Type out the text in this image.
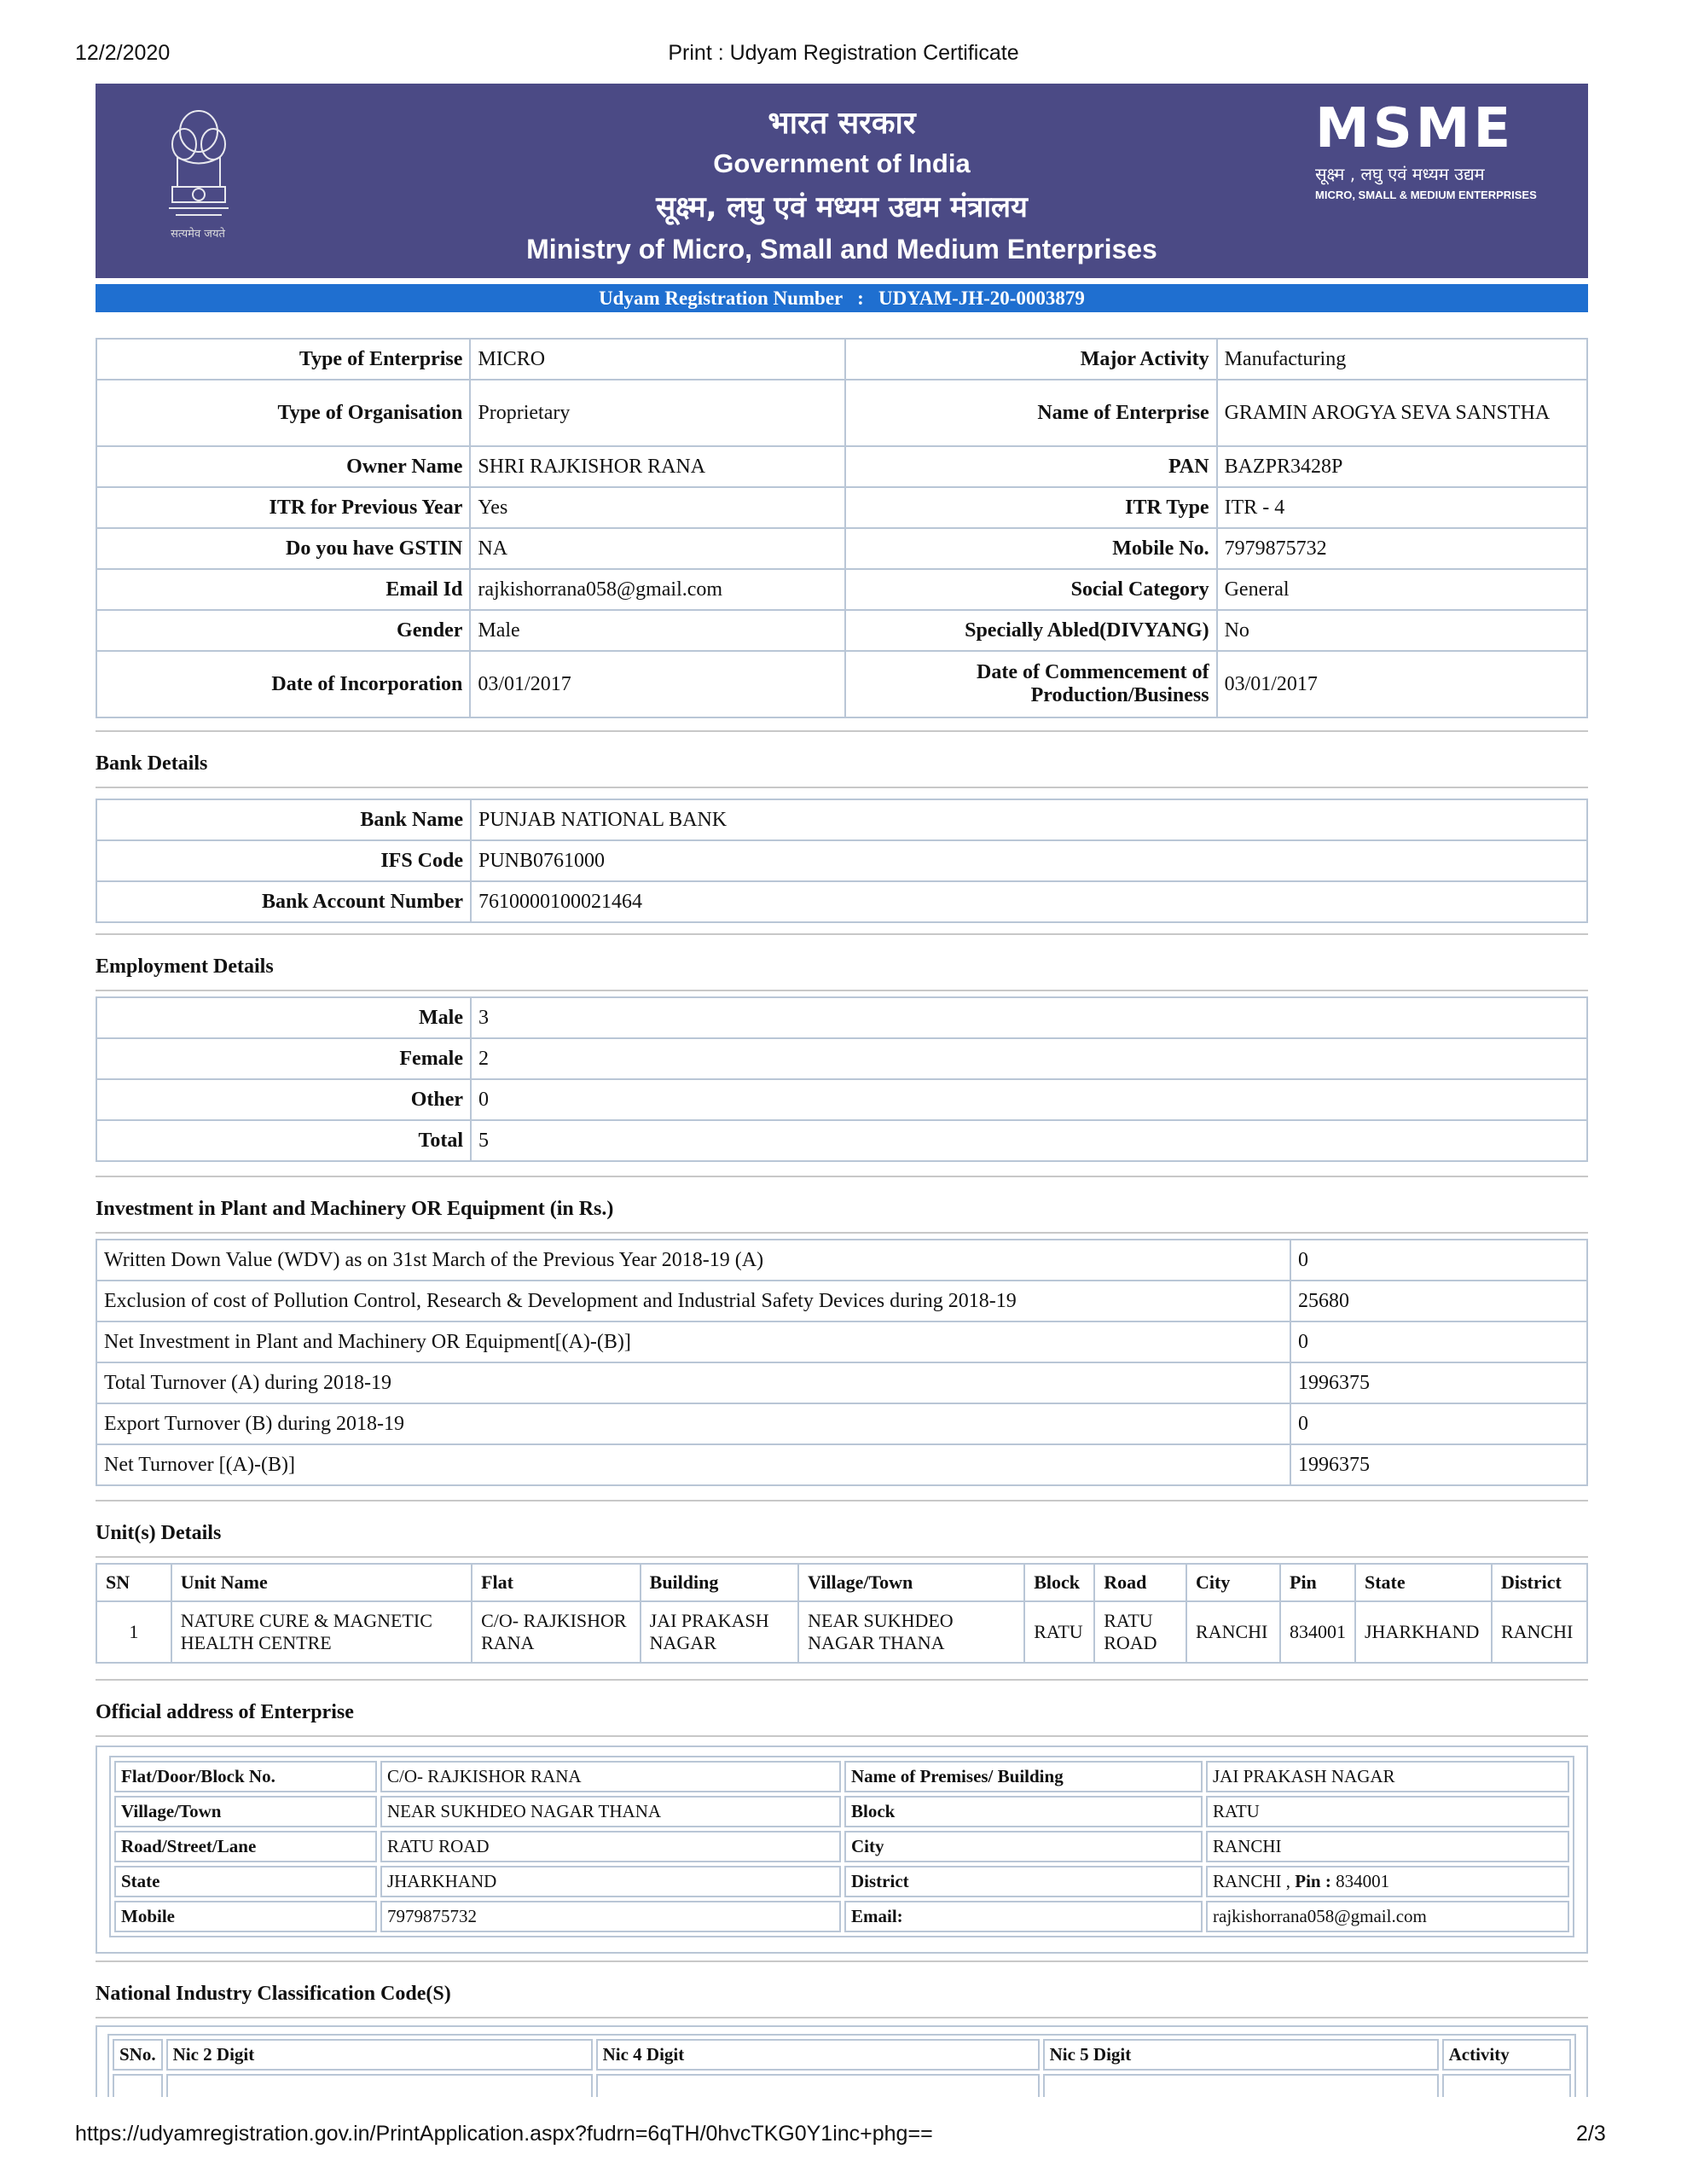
12/2/2020	Print : Udyam Registration Certificate
सत्यमेव जयते
भारत सरकार
Government of India
सूक्ष्म, लघु एवं मध्यम उद्यम मंत्रालय
Ministry of Micro, Small and Medium Enterprises
MSME
सूक्ष्म , लघु एवं मध्यम उद्यम
MICRO, SMALL & MEDIUM ENTERPRISES
Udyam Registration Number : UDYAM-JH-20-0003879
Type of Enterprise	MICRO	Major Activity	Manufacturing
Type of Organisation	Proprietary	Name of Enterprise	GRAMIN AROGYA SEVA SANSTHA
Owner Name	SHRI RAJKISHOR RANA	PAN	BAZPR3428P
ITR for Previous Year	Yes	ITR Type	ITR - 4
Do you have GSTIN	NA	Mobile No.	7979875732
Email Id	rajkishorrana058@gmail.com	Social Category	General
Gender	Male	Specially Abled(DIVYANG)	No
Date of Incorporation	03/01/2017	Date of Commencement of Production/Business	03/01/2017
Bank Details
Bank Name	PUNJAB NATIONAL BANK
IFS Code	PUNB0761000
Bank Account Number	7610000100021464
Employment Details
Male	3
Female	2
Other	0
Total	5
Investment in Plant and Machinery OR Equipment (in Rs.)
Written Down Value (WDV) as on 31st March of the Previous Year 2018-19 (A)	0
Exclusion of cost of Pollution Control, Research & Development and Industrial Safety Devices during 2018-19	25680
Net Investment in Plant and Machinery OR Equipment[(A)-(B)]	0
Total Turnover (A) during 2018-19	1996375
Export Turnover (B) during 2018-19	0
Net Turnover [(A)-(B)]	1996375
Unit(s) Details
SN	Unit Name	Flat	Building	Village/Town	Block	Road	City	Pin	State	District
1	NATURE CURE & MAGNETIC HEALTH CENTRE	C/O- RAJKISHOR RANA	JAI PRAKASH NAGAR	NEAR SUKHDEO NAGAR THANA	RATU	RATU ROAD	RANCHI	834001	JHARKHAND	RANCHI
Official address of Enterprise
Flat/Door/Block No.	C/O- RAJKISHOR RANA	Name of Premises/ Building	JAI PRAKASH NAGAR
Village/Town	NEAR SUKHDEO NAGAR THANA	Block	RATU
Road/Street/Lane	RATU ROAD	City	RANCHI
State	JHARKHAND	District	RANCHI , Pin : 834001
Mobile	7979875732	Email:	rajkishorrana058@gmail.com
National Industry Classification Code(S)
SNo.	Nic 2 Digit	Nic 4 Digit	Nic 5 Digit	Activity

https://udyamregistration.gov.in/PrintApplication.aspx?fudrn=6qTH/0hvcTKG0Y1inc+phg==	2/3
